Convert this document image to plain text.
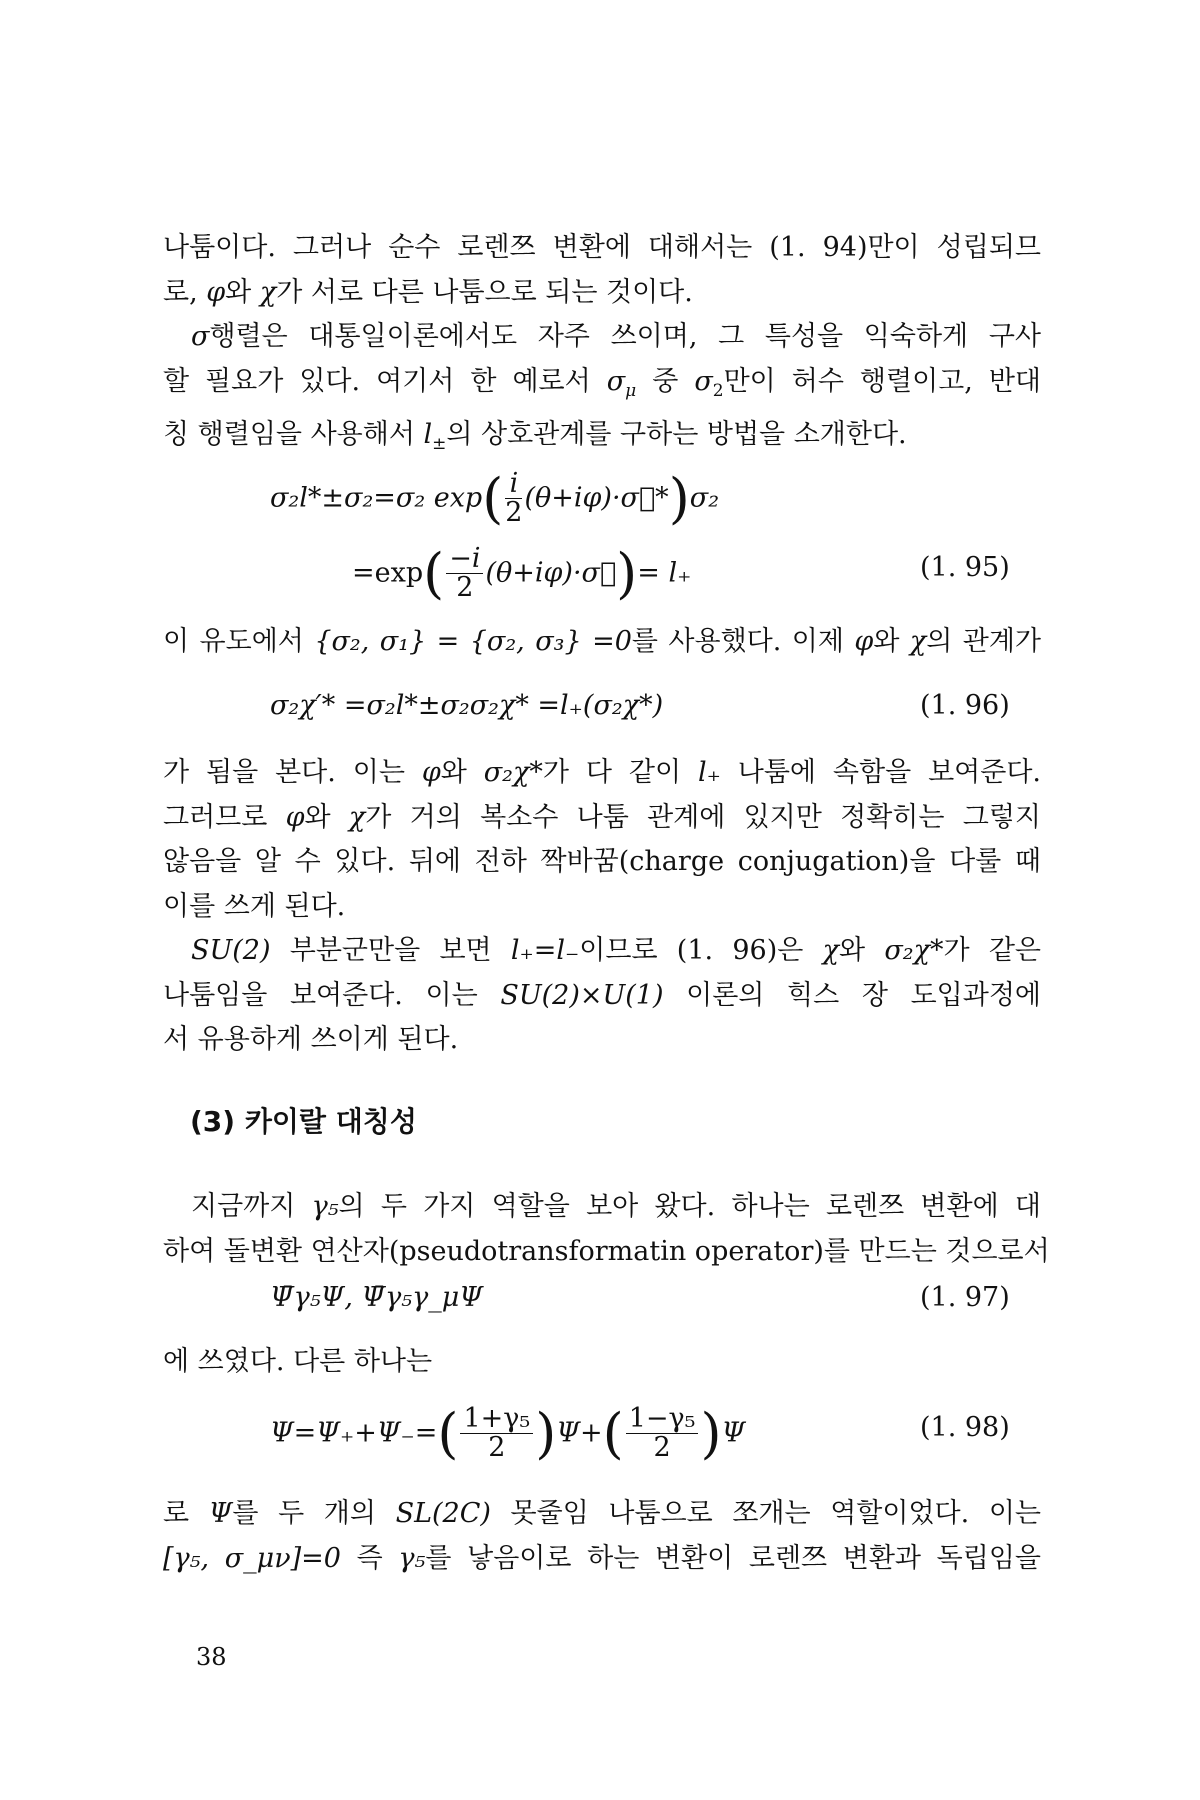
나툼이다. 그러나 순수 로렌쯔 변환에 대해서는 (1. 94)만이 성립되므
로, φ와 χ가 서로 다른 나툼으로 되는 것이다.

σ행렬은 대통일이론에서도 자주 쓰이며, 그 특성을 익숙하게 구사
할 필요가 있다. 여기서 한 예로서 $\sigma_\mu$ 중 $\sigma_2$만이 허수 행렬이고, 반대
칭 행렬임을 사용해서 $l_\pm$의 상호관계를 구하는 방법을 소개한다.

σ₂l*±σ₂=σ₂ $\exp( \frac{i}{2}$ (θ+iφ)·σ⃗*)σ₂
$=\exp( \frac{-i}{2}$ (θ+iφ)·σ⃗)= l₊	(1. 95)

이 유도에서 {σ₂, σ₁} = {σ₂, σ₃} =0를 사용했다. 이제 φ와 χ의 관계가

σ₂χ′* =σ₂l*±σ₂σ₂χ* =l₊(σ₂χ*)	(1. 96)

가 됨을 본다. 이는 φ와 σ₂χ*가 다 같이 l₊ 나툼에 속함을 보여준다.
그러므로 φ와 χ가 거의 복소수 나툼 관계에 있지만 정확히는 그렇지
않음을 알 수 있다. 뒤에 전하 짝바꿈(charge conjugation)을 다룰 때
이를 쓰게 된다.

SU(2) 부분군만을 보면 l₊=l₋이므로 (1. 96)은 χ와 σ₂χ*가 같은
나툼임을 보여준다. 이는 SU(2)×U(1) 이론의 힉스 장 도입과정에
서 유용하게 쓰이게 된다.

(3) 카이랄 대칭성

지금까지 γ₅의 두 가지 역할을 보아 왔다. 하나는 로렌쯔 변환에 대
하여 돌변환 연산자(pseudotransformatin operator)를 만드는 것으로서

Ψ̄γ₅Ψ, Ψ̄γ₅γ_μΨ	(1. 97)

에 쓰였다. 다른 하나는

$\Psi=\Psi_++\Psi_-=( \frac{\text{1+γ₅}}{2} )\Psi+( \frac{\text{1−γ₅}}{2} )\Psi$	(1. 98)

로 Ψ를 두 개의 SL(2C) 못줄임 나툼으로 쪼개는 역할이었다. 이는
[γ₅, σ_μν]=0 즉 γ₅를 낳음이로 하는 변환이 로렌쯔 변환과 독립임을

38
